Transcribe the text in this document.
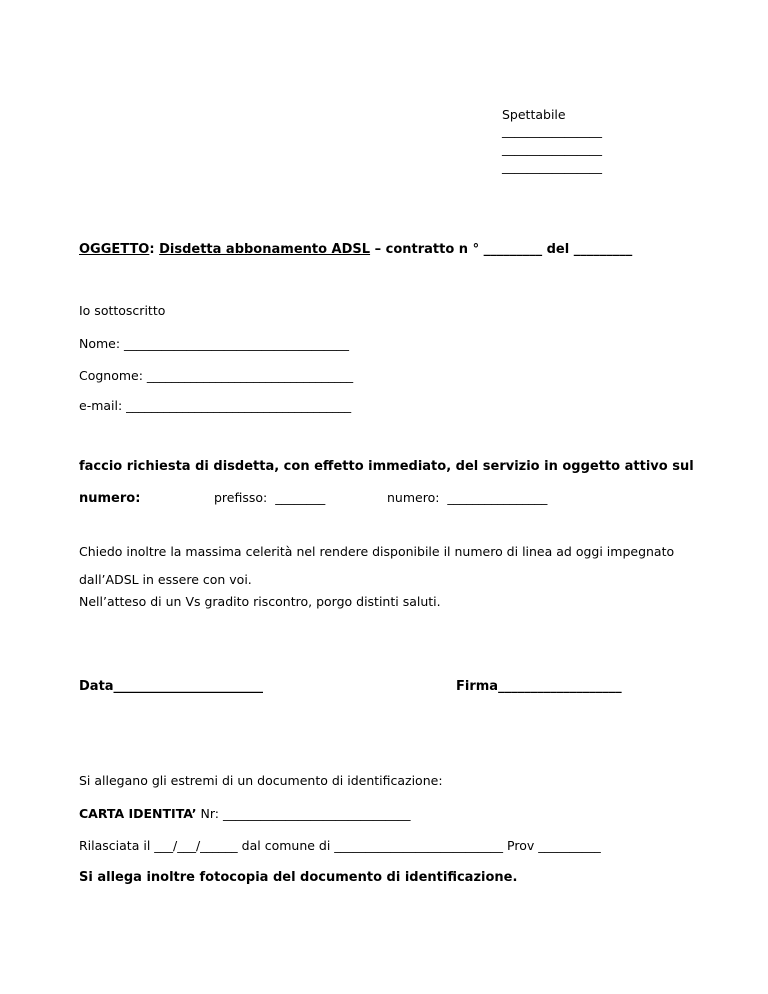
Spettabile
________________
________________
________________
OGGETTO: Disdetta abbonamento ADSL – contratto n ° _________ del _________
Io sottoscritto
Nome: ____________________________________
Cognome: _________________________________
e-mail: ____________________________________
faccio richiesta di disdetta, con effetto immediato, del servizio in oggetto attivo sul
numero:	prefisso:  ________	numero:  ________________
Chiedo inoltre la massima celerità nel rendere disponibile il numero di linea ad oggi impegnato
dall’ADSL in essere con voi.
Nell’atteso di un Vs gradito riscontro, porgo distinti saluti.
Data_______________________	Firma___________________
Si allegano gli estremi di un documento di identificazione:
CARTA IDENTITA’ Nr: ______________________________
Rilasciata il ___/___/______ dal comune di ___________________________ Prov __________
Si allega inoltre fotocopia del documento di identificazione.
